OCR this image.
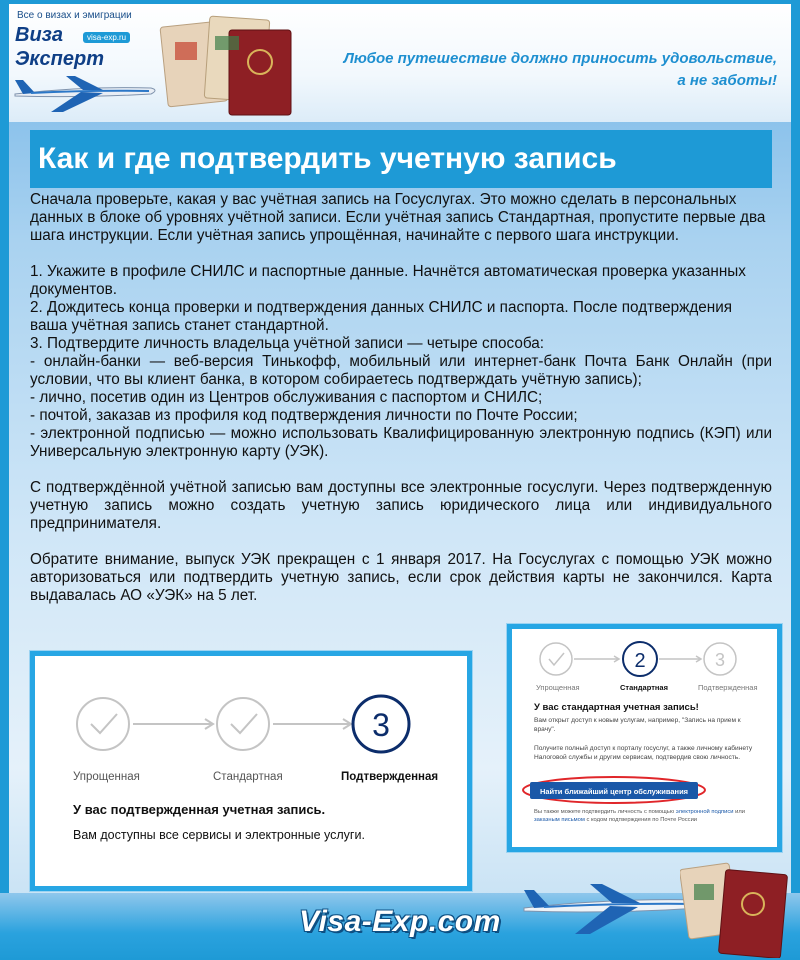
Все о визах и эмиграции
Виза
Эксперт
visa-exp.ru
Любое путешествие должно приносить удовольствие,
а не заботы!
Как и где подтвердить учетную запись

Сначала проверьте, какая у вас учётная запись на Госуслугах. Это можно сделать в персональных данных в блоке об уровнях учётной записи. Если учётная запись Стандартная, пропустите первые два шага инструкции. Если учётная запись упрощённая, начинайте с первого шага инструкции.

1. Укажите в профиле СНИЛС и паспортные данные. Начнётся автоматическая проверка указанных документов.

2. Дождитесь конца проверки и подтверждения данных СНИЛС и паспорта. После подтверждения ваша учётная запись станет стандартной.

3. Подтвердите личность владельца учётной записи — четыре способа:

- онлайн-банки — веб-версия Тинькофф, мобильный или интернет-банк Почта Банк Онлайн (при условии, что вы клиент банка, в котором собираетесь подтверждать учётную запись);

- лично, посетив один из Центров обслуживания с паспортом и СНИЛС;

- почтой, заказав из профиля код подтверждения личности по Почте России;

- электронной подписью — можно использовать Квалифицированную электронную подпись (КЭП) или Универсальную электронную карту (УЭК).

С подтверждённой учётной записью вам доступны все электронные госуслуги. Через подтвержденную учетную запись можно создать учетную запись юридического лица или индивидуального предпринимателя.

Обратите внимание, выпуск УЭК прекращен с 1 января 2017. На Госуслугах с помощью УЭК можно авторизоваться или подтвердить учетную запись, если срок действия карты не закончился. Карта выдавалась АО «УЭК» на 5 лет.

3
Упрощенная	Стандартная	Подтвержденная
У вас подтвержденная учетная запись.
Вам доступны все сервисы и электронные услуги.
2	3
Упрощенная	Стандартная	Подтвержденная
У вас стандартная учетная запись!
Вам открыт доступ к новым услугам, например, "Запись на прием к врачу".
Получите полный доступ к порталу госуслуг, а также личному кабинету Налоговой службы и другим сервисам, подтвердив свою личность.
Найти ближайший центр обслуживания
Вы также можете подтвердить личность с помощью электронной подписи или заказным письмом с кодом подтверждения по Почте России
Visa-Exp.com
